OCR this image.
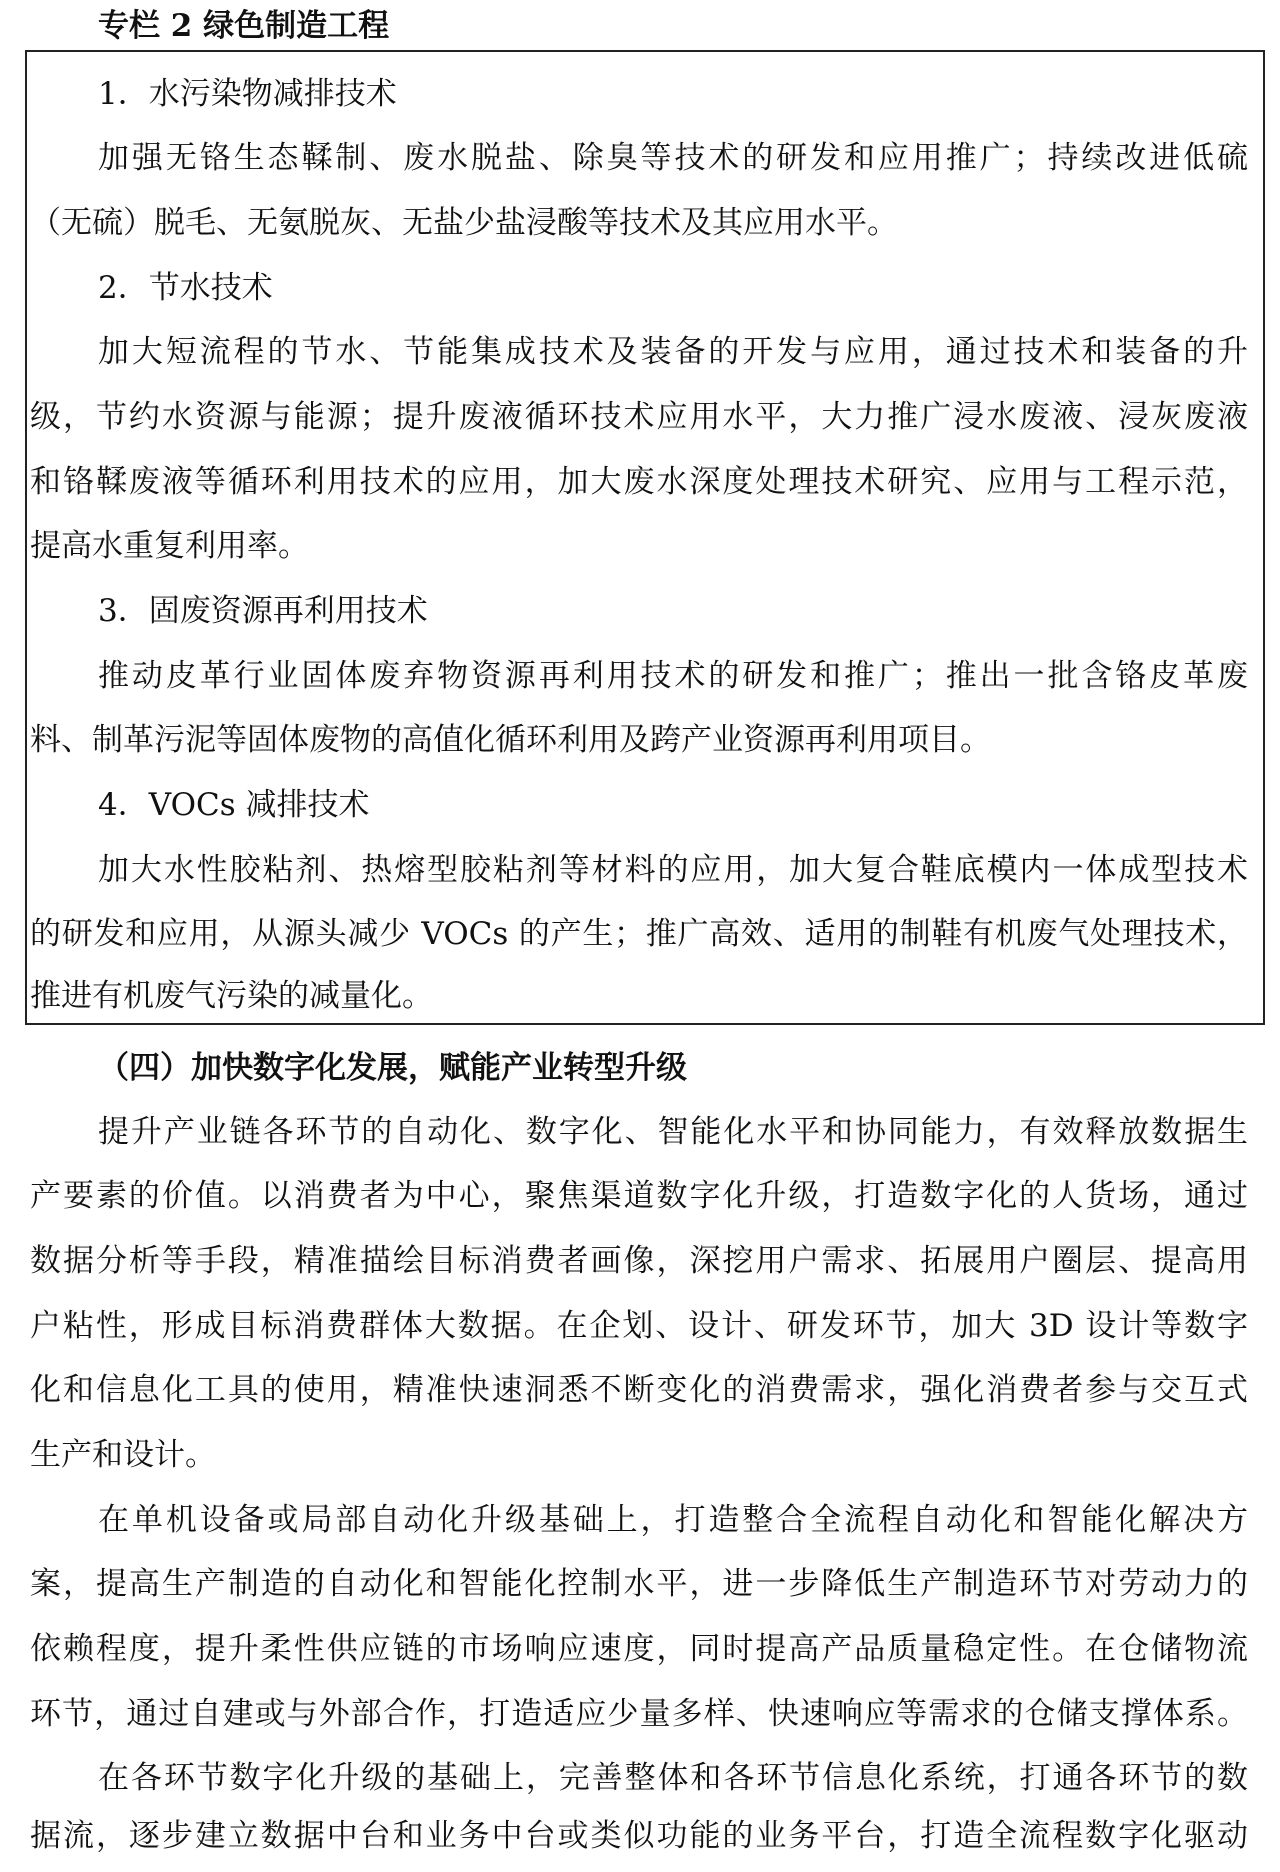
专栏 2 绿色制造工程
1．水污染物减排技术
加强无铬生态鞣制、废水脱盐、除臭等技术的研发和应用推广；持续改进低硫
（无硫）脱毛、无氨脱灰、无盐少盐浸酸等技术及其应用水平。
2．节水技术
加大短流程的节水、节能集成技术及装备的开发与应用，通过技术和装备的升
级，节约水资源与能源；提升废液循环技术应用水平，大力推广浸水废液、浸灰废液
和铬鞣废液等循环利用技术的应用，加大废水深度处理技术研究、应用与工程示范，
提高水重复利用率。
3．固废资源再利用技术
推动皮革行业固体废弃物资源再利用技术的研发和推广；推出一批含铬皮革废
料、制革污泥等固体废物的高值化循环利用及跨产业资源再利用项目。
4．VOCs 减排技术
加大水性胶粘剂、热熔型胶粘剂等材料的应用，加大复合鞋底模内一体成型技术
的研发和应用，从源头减少 VOCs 的产生；推广高效、适用的制鞋有机废气处理技术，
推进有机废气污染的减量化。
（四）加快数字化发展，赋能产业转型升级
提升产业链各环节的自动化、数字化、智能化水平和协同能力，有效释放数据生
产要素的价值。以消费者为中心，聚焦渠道数字化升级，打造数字化的人货场，通过
数据分析等手段，精准描绘目标消费者画像，深挖用户需求、拓展用户圈层、提高用
户粘性，形成目标消费群体大数据。在企划、设计、研发环节，加大 3D 设计等数字
化和信息化工具的使用，精准快速洞悉不断变化的消费需求，强化消费者参与交互式
生产和设计。
在单机设备或局部自动化升级基础上，打造整合全流程自动化和智能化解决方
案，提高生产制造的自动化和智能化控制水平，进一步降低生产制造环节对劳动力的
依赖程度，提升柔性供应链的市场响应速度，同时提高产品质量稳定性。在仓储物流
环节，通过自建或与外部合作，打造适应少量多样、快速响应等需求的仓储支撑体系。
在各环节数字化升级的基础上，完善整体和各环节信息化系统，打通各环节的数
据流，逐步建立数据中台和业务中台或类似功能的业务平台，打造全流程数字化驱动
